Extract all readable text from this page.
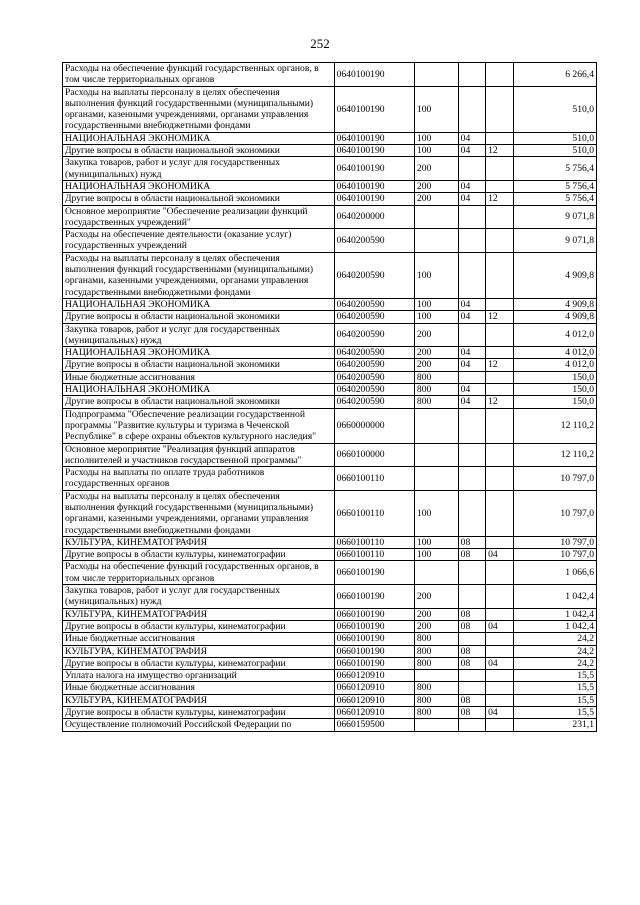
252
Расходы на обеспечение функций государственных органов, в том числе территориальных органов	0640100190				6 266,4
Расходы на выплаты персоналу в целях обеспечения выполнения функций государственными (муниципальными) органами, казенными учреждениями, органами управления государственными внебюджетными фондами	0640100190	100			510,0
НАЦИОНАЛЬНАЯ ЭКОНОМИКА	0640100190	100	04		510,0
Другие вопросы в области национальной экономики	0640100190	100	04	12	510,0
Закупка товаров, работ и услуг для государственных (муниципальных) нужд	0640100190	200			5 756,4
НАЦИОНАЛЬНАЯ ЭКОНОМИКА	0640100190	200	04		5 756,4
Другие вопросы в области национальной экономики	0640100190	200	04	12	5 756,4
Основное мероприятие "Обеспечение реализации функций государственных учреждений"	0640200000				9 071,8
Расходы на обеспечение деятельности (оказание услуг) государственных учреждений	0640200590				9 071,8
Расходы на выплаты персоналу в целях обеспечения выполнения функций государственными (муниципальными) органами, казенными учреждениями, органами управления государственными внебюджетными фондами	0640200590	100			4 909,8
НАЦИОНАЛЬНАЯ ЭКОНОМИКА	0640200590	100	04		4 909,8
Другие вопросы в области национальной экономики	0640200590	100	04	12	4 909,8
Закупка товаров, работ и услуг для государственных (муниципальных) нужд	0640200590	200			4 012,0
НАЦИОНАЛЬНАЯ ЭКОНОМИКА	0640200590	200	04		4 012,0
Другие вопросы в области национальной экономики	0640200590	200	04	12	4 012,0
Иные бюджетные ассигнования	0640200590	800			150,0
НАЦИОНАЛЬНАЯ ЭКОНОМИКА	0640200590	800	04		150,0
Другие вопросы в области национальной экономики	0640200590	800	04	12	150,0
Подпрограмма "Обеспечение реализации государственной программы "Развитие культуры и туризма в Чеченской Республике" в сфере охраны объектов культурного наследия"	0660000000				12 110,2
Основное мероприятие "Реализация функций аппаратов исполнителей и участников государственной программы"	0660100000				12 110,2
Расходы на выплаты по оплате труда работников государственных органов	0660100110				10 797,0
Расходы на выплаты персоналу в целях обеспечения выполнения функций государственными (муниципальными) органами, казенными учреждениями, органами управления государственными внебюджетными фондами	0660100110	100			10 797,0
КУЛЬТУРА, КИНЕМАТОГРАФИЯ	0660100110	100	08		10 797,0
Другие вопросы в области культуры, кинематографии	0660100110	100	08	04	10 797,0
Расходы на обеспечение функций государственных органов, в том числе территориальных органов	0660100190				1 066,6
Закупка товаров, работ и услуг для государственных (муниципальных) нужд	0660100190	200			1 042,4
КУЛЬТУРА, КИНЕМАТОГРАФИЯ	0660100190	200	08		1 042,4
Другие вопросы в области культуры, кинематографии	0660100190	200	08	04	1 042,4
Иные бюджетные ассигнования	0660100190	800			24,2
КУЛЬТУРА, КИНЕМАТОГРАФИЯ	0660100190	800	08		24,2
Другие вопросы в области культуры, кинематографии	0660100190	800	08	04	24,2
Уплата налога на имущество организаций	0660120910				15,5
Иные бюджетные ассигнования	0660120910	800			15,5
КУЛЬТУРА, КИНЕМАТОГРАФИЯ	0660120910	800	08		15,5
Другие вопросы в области культуры, кинематографии	0660120910	800	08	04	15,5
Осуществление полномочий Российской Федерации по	0660159500				231,1
